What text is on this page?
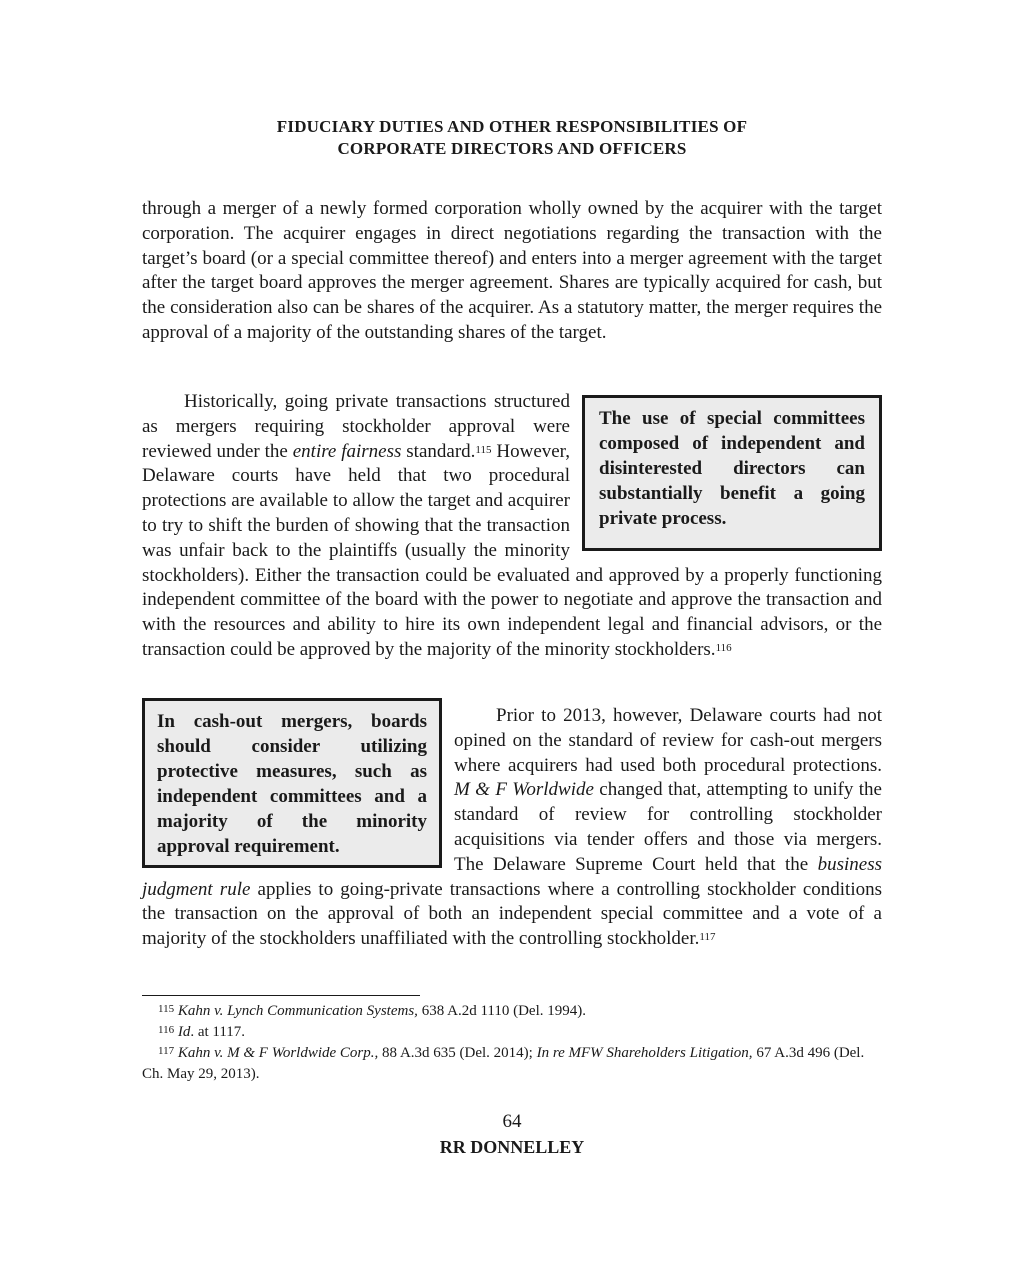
FIDUCIARY DUTIES AND OTHER RESPONSIBILITIES OF
CORPORATE DIRECTORS AND OFFICERS
through a merger of a newly formed corporation wholly owned by the acquirer with the target corporation. The acquirer engages in direct negotiations regarding the transaction with the target’s board (or a special committee thereof) and enters into a merger agreement with the target after the target board approves the merger agreement. Shares are typically acquired for cash, but the consideration also can be shares of the acquirer. As a statutory matter, the merger requires the approval of a majority of the outstanding shares of the target.
The use of special committees composed of independent and disinterested directors can substantially benefit a going private process.
Historically, going private transactions structured as mergers requiring stockholder approval were reviewed under the entire fairness standard.$^{115}$ However, Delaware courts have held that two procedural protections are available to allow the target and acquirer to try to shift the burden of showing that the transaction was unfair back to the plaintiffs (usually the minority stockholders). Either the transaction could be evaluated and approved by a properly functioning independent committee of the board with the power to negotiate and approve the transaction and with the resources and ability to hire its own independent legal and financial advisors, or the transaction could be approved by the majority of the minority stockholders.$^{116}$
In cash-out mergers, boards should consider utilizing protective measures, such as independent committees and a majority of the minority approval requirement.
Prior to 2013, however, Delaware courts had not opined on the standard of review for cash-out mergers where acquirers had used both procedural protections. M & F Worldwide changed that, attempting to unify the standard of review for controlling stockholder acquisitions via tender offers and those via mergers. The Delaware Supreme Court held that the business judgment rule applies to going-private transactions where a controlling stockholder conditions the transaction on the approval of both an independent special committee and a vote of a majority of the stockholders unaffiliated with the controlling stockholder.$^{117}$
$^{115}$ Kahn v. Lynch Communication Systems, 638 A.2d 1110 (Del. 1994).
$^{116}$ Id. at 1117.
$^{117}$ Kahn v. M & F Worldwide Corp., 88 A.3d 635 (Del. 2014); In re MFW Shareholders Litigation, 67 A.3d 496 (Del. Ch. May 29, 2013).
64
RR DONNELLEY
